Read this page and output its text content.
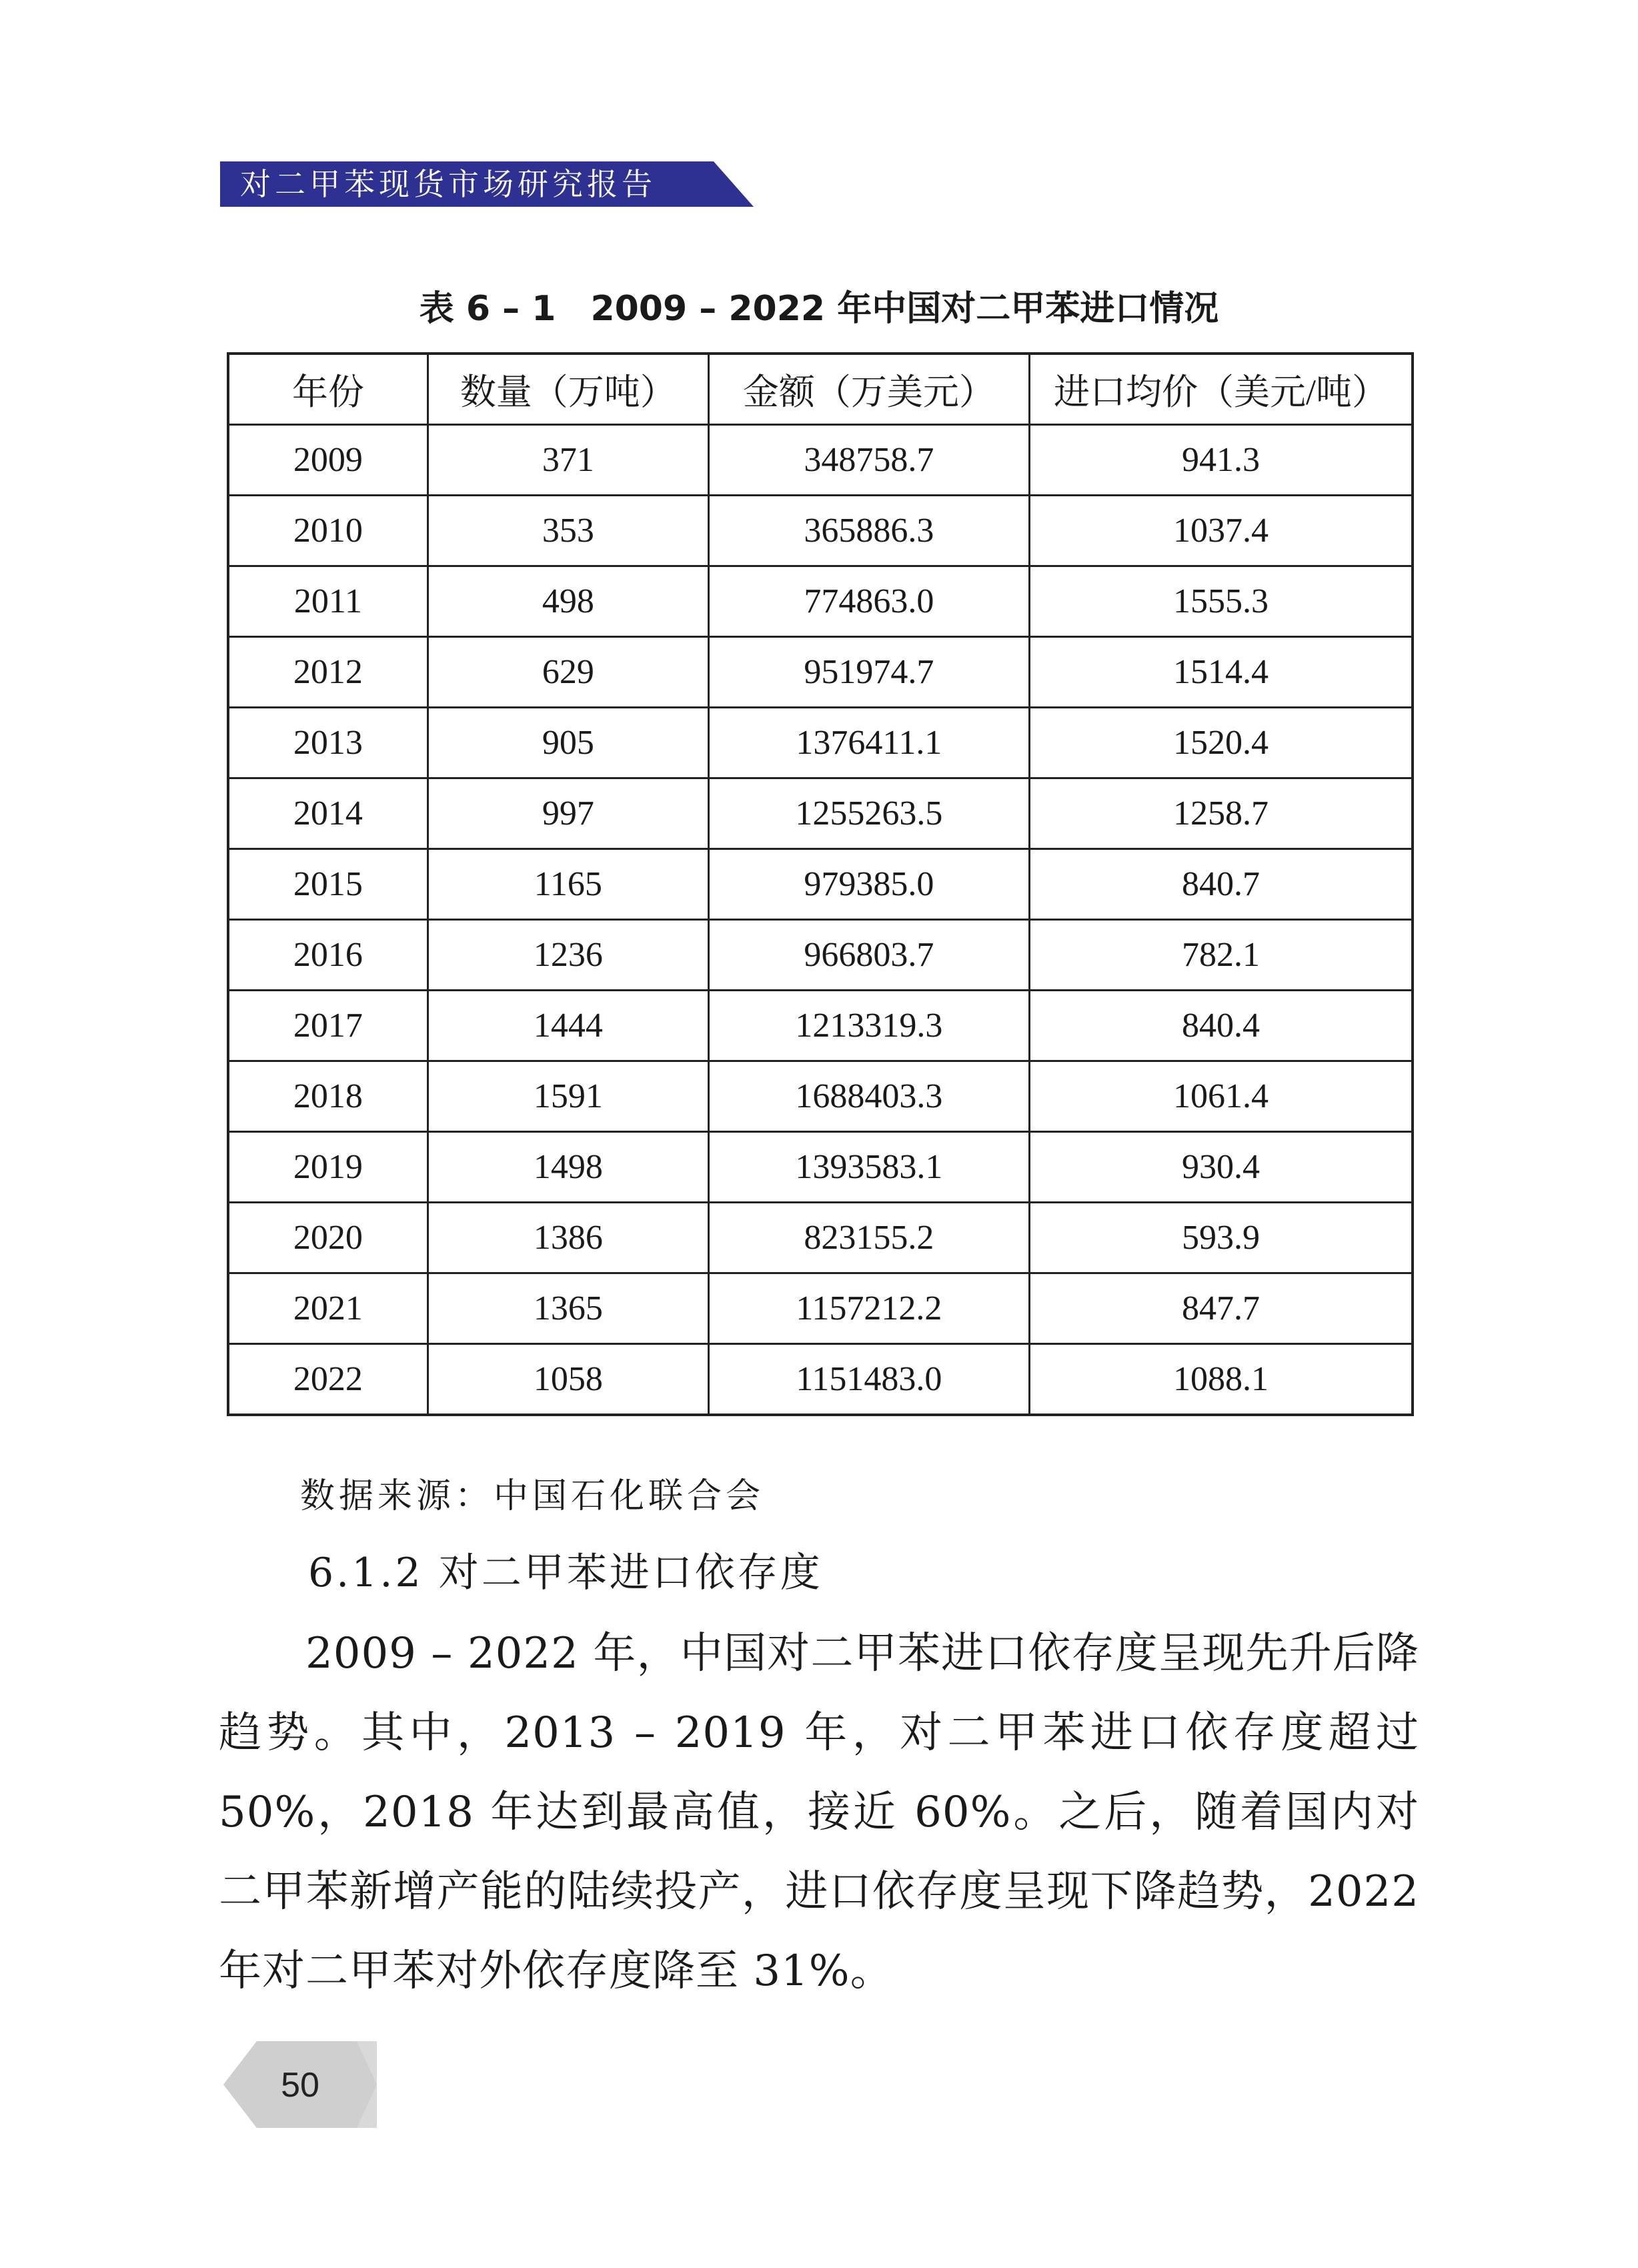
对二甲苯现货市场研究报告
表 6 – 1　2009 – 2022 年中国对二甲苯进口情况
年份	数量（万吨）	金额（万美元）	进口均价（美元/吨）
2009	371	348758.7	941.3
2010	353	365886.3	1037.4
2011	498	774863.0	1555.3
2012	629	951974.7	1514.4
2013	905	1376411.1	1520.4
2014	997	1255263.5	1258.7
2015	1165	979385.0	840.7
2016	1236	966803.7	782.1
2017	1444	1213319.3	840.4
2018	1591	1688403.3	1061.4
2019	1498	1393583.1	930.4
2020	1386	823155.2	593.9
2021	1365	1157212.2	847.7
2022	1058	1151483.0	1088.1
数据来源：中国石化联合会
6.1.2 对二甲苯进口依存度

2009 – 2022 年，中国对二甲苯进口依存度呈现先升后降趋势。其中，2013 – 2019 年，对二甲苯进口依存度超过 50%，2018 年达到最高值，接近 60%。之后，随着国内对二甲苯新增产能的陆续投产，进口依存度呈现下降趋势，2022 年对二甲苯对外依存度降至 31%。

50
